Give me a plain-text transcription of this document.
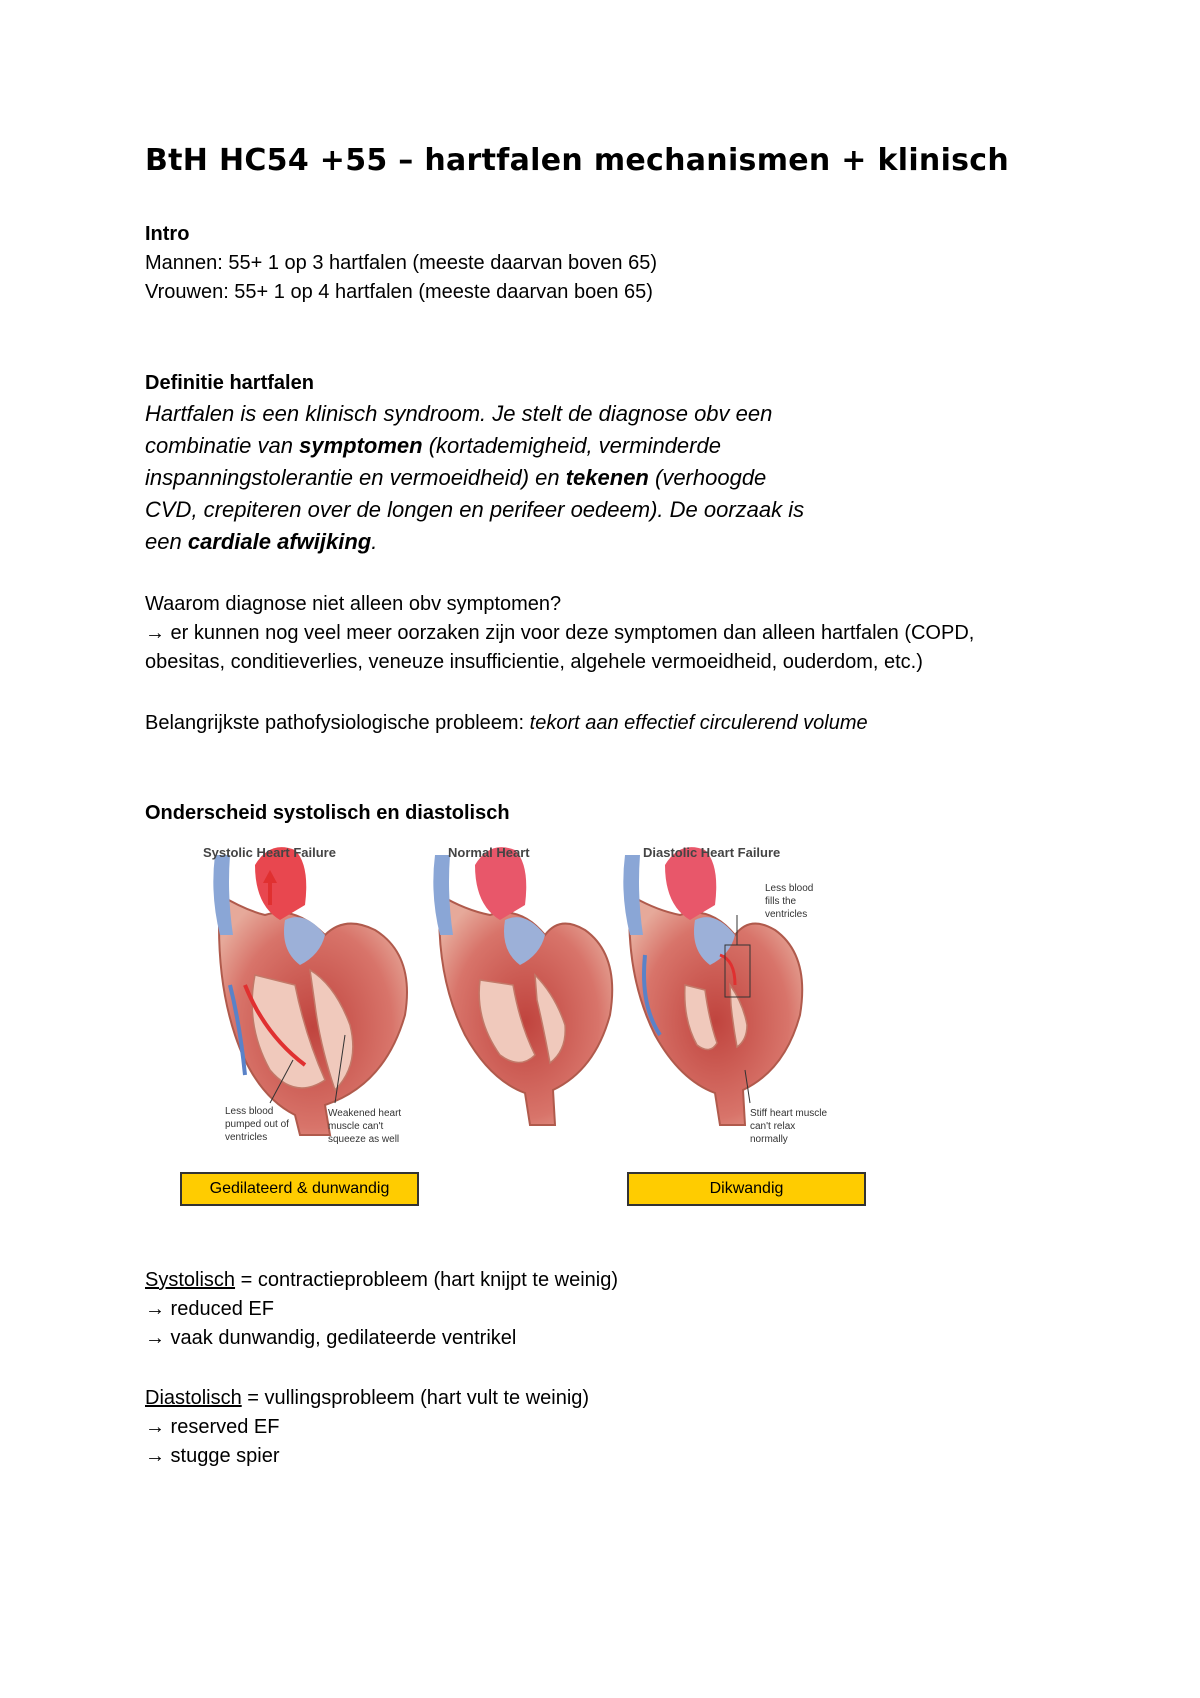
BtH HC54 +55 – hartfalen mechanismen + klinisch
Intro
Mannen: 55+ 1 op 3 hartfalen (meeste daarvan boven 65)
Vrouwen: 55+ 1 op 4 hartfalen (meeste daarvan boen 65)
Definitie hartfalen
Hartfalen is een klinisch syndroom. Je stelt de diagnose obv een
combinatie van symptomen (kortademigheid, verminderde
inspanningstolerantie en vermoeidheid) en tekenen (verhoogde
CVD, crepiteren over de longen en perifeer oedeem). De oorzaak is
een cardiale afwijking.
Waarom diagnose niet alleen obv symptomen?
→ er kunnen nog veel meer oorzaken zijn voor deze symptomen dan alleen hartfalen (COPD,
obesitas, conditieverlies, veneuze insufficientie, algehele vermoeidheid, ouderdom, etc.)
Belangrijkste pathofysiologische probleem: tekort aan effectief circulerend volume
Onderscheid systolisch en diastolisch
Systolic Heart Failure	Normal Heart	Diastolic Heart Failure
Less blood pumped out of ventricles
Weakened heart muscle can't squeeze as well
Less blood fills the ventricles
Stiff heart muscle can't relax normally
Gedilateerd & dunwandig	Dikwandig
Systolisch = contractieprobleem (hart knijpt te weinig)
→ reduced EF
→ vaak dunwandig, gedilateerde ventrikel
Diastolisch = vullingsprobleem (hart vult te weinig)
→ reserved EF
→ stugge spier
